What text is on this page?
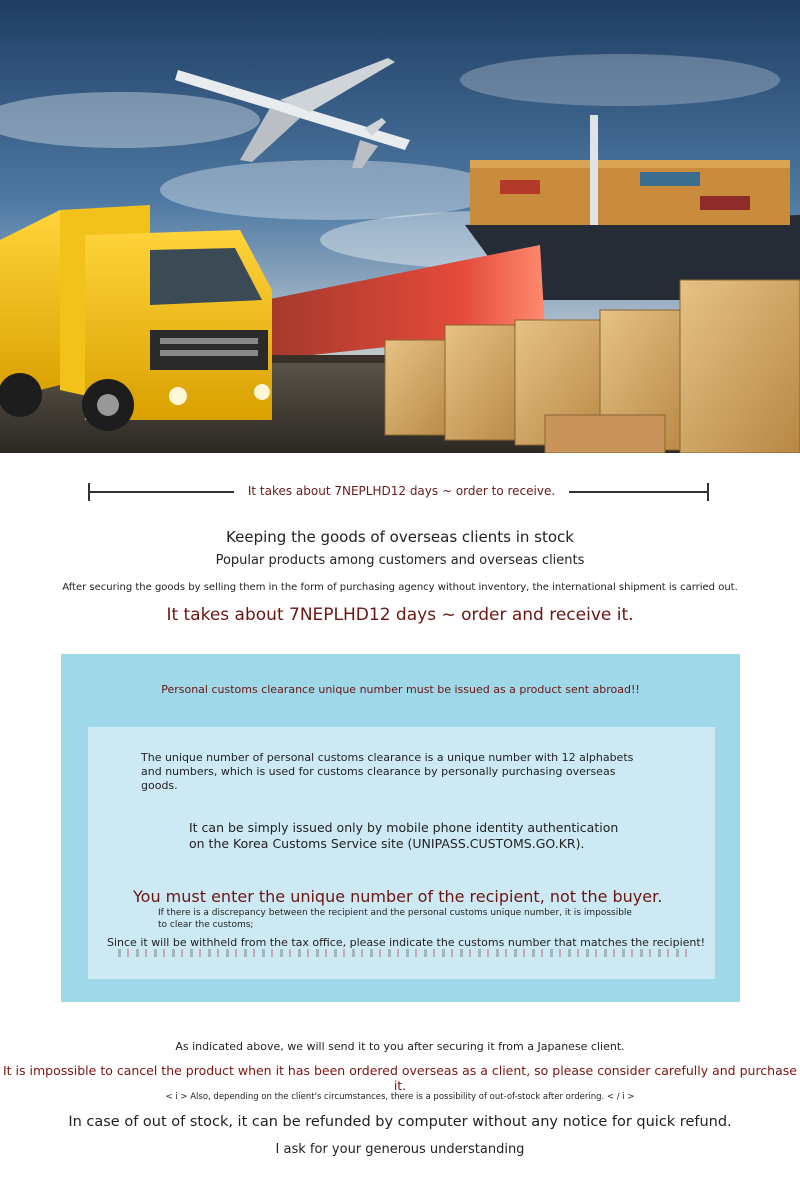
It takes about 7NEPLHD12 days ~ order to receive.
Keeping the goods of overseas clients in stock
Popular products among customers and overseas clients
After securing the goods by selling them in the form of purchasing agency without inventory, the international shipment is carried out.
It takes about 7NEPLHD12 days ~ order and receive it.
Personal customs clearance unique number must be issued as a product sent abroad!!
The unique number of personal customs clearance is a unique number with 12 alphabets and numbers, which is used for customs clearance by personally purchasing overseas goods.
It can be simply issued only by mobile phone identity authentication on the Korea Customs Service site (UNIPASS.CUSTOMS.GO.KR).
You must enter the unique number of the recipient, not the buyer.
If there is a discrepancy between the recipient and the personal customs unique number, it is impossible to clear the customs;
Since it will be withheld from the tax office, please indicate the customs number that matches the recipient!
As indicated above, we will send it to you after securing it from a Japanese client.
It is impossible to cancel the product when it has been ordered overseas as a client, so please consider carefully and purchase it.
< i > Also, depending on the client's circumstances, there is a possibility of out-of-stock after ordering. < / i >
In case of out of stock, it can be refunded by computer without any notice for quick refund.
I ask for your generous understanding
